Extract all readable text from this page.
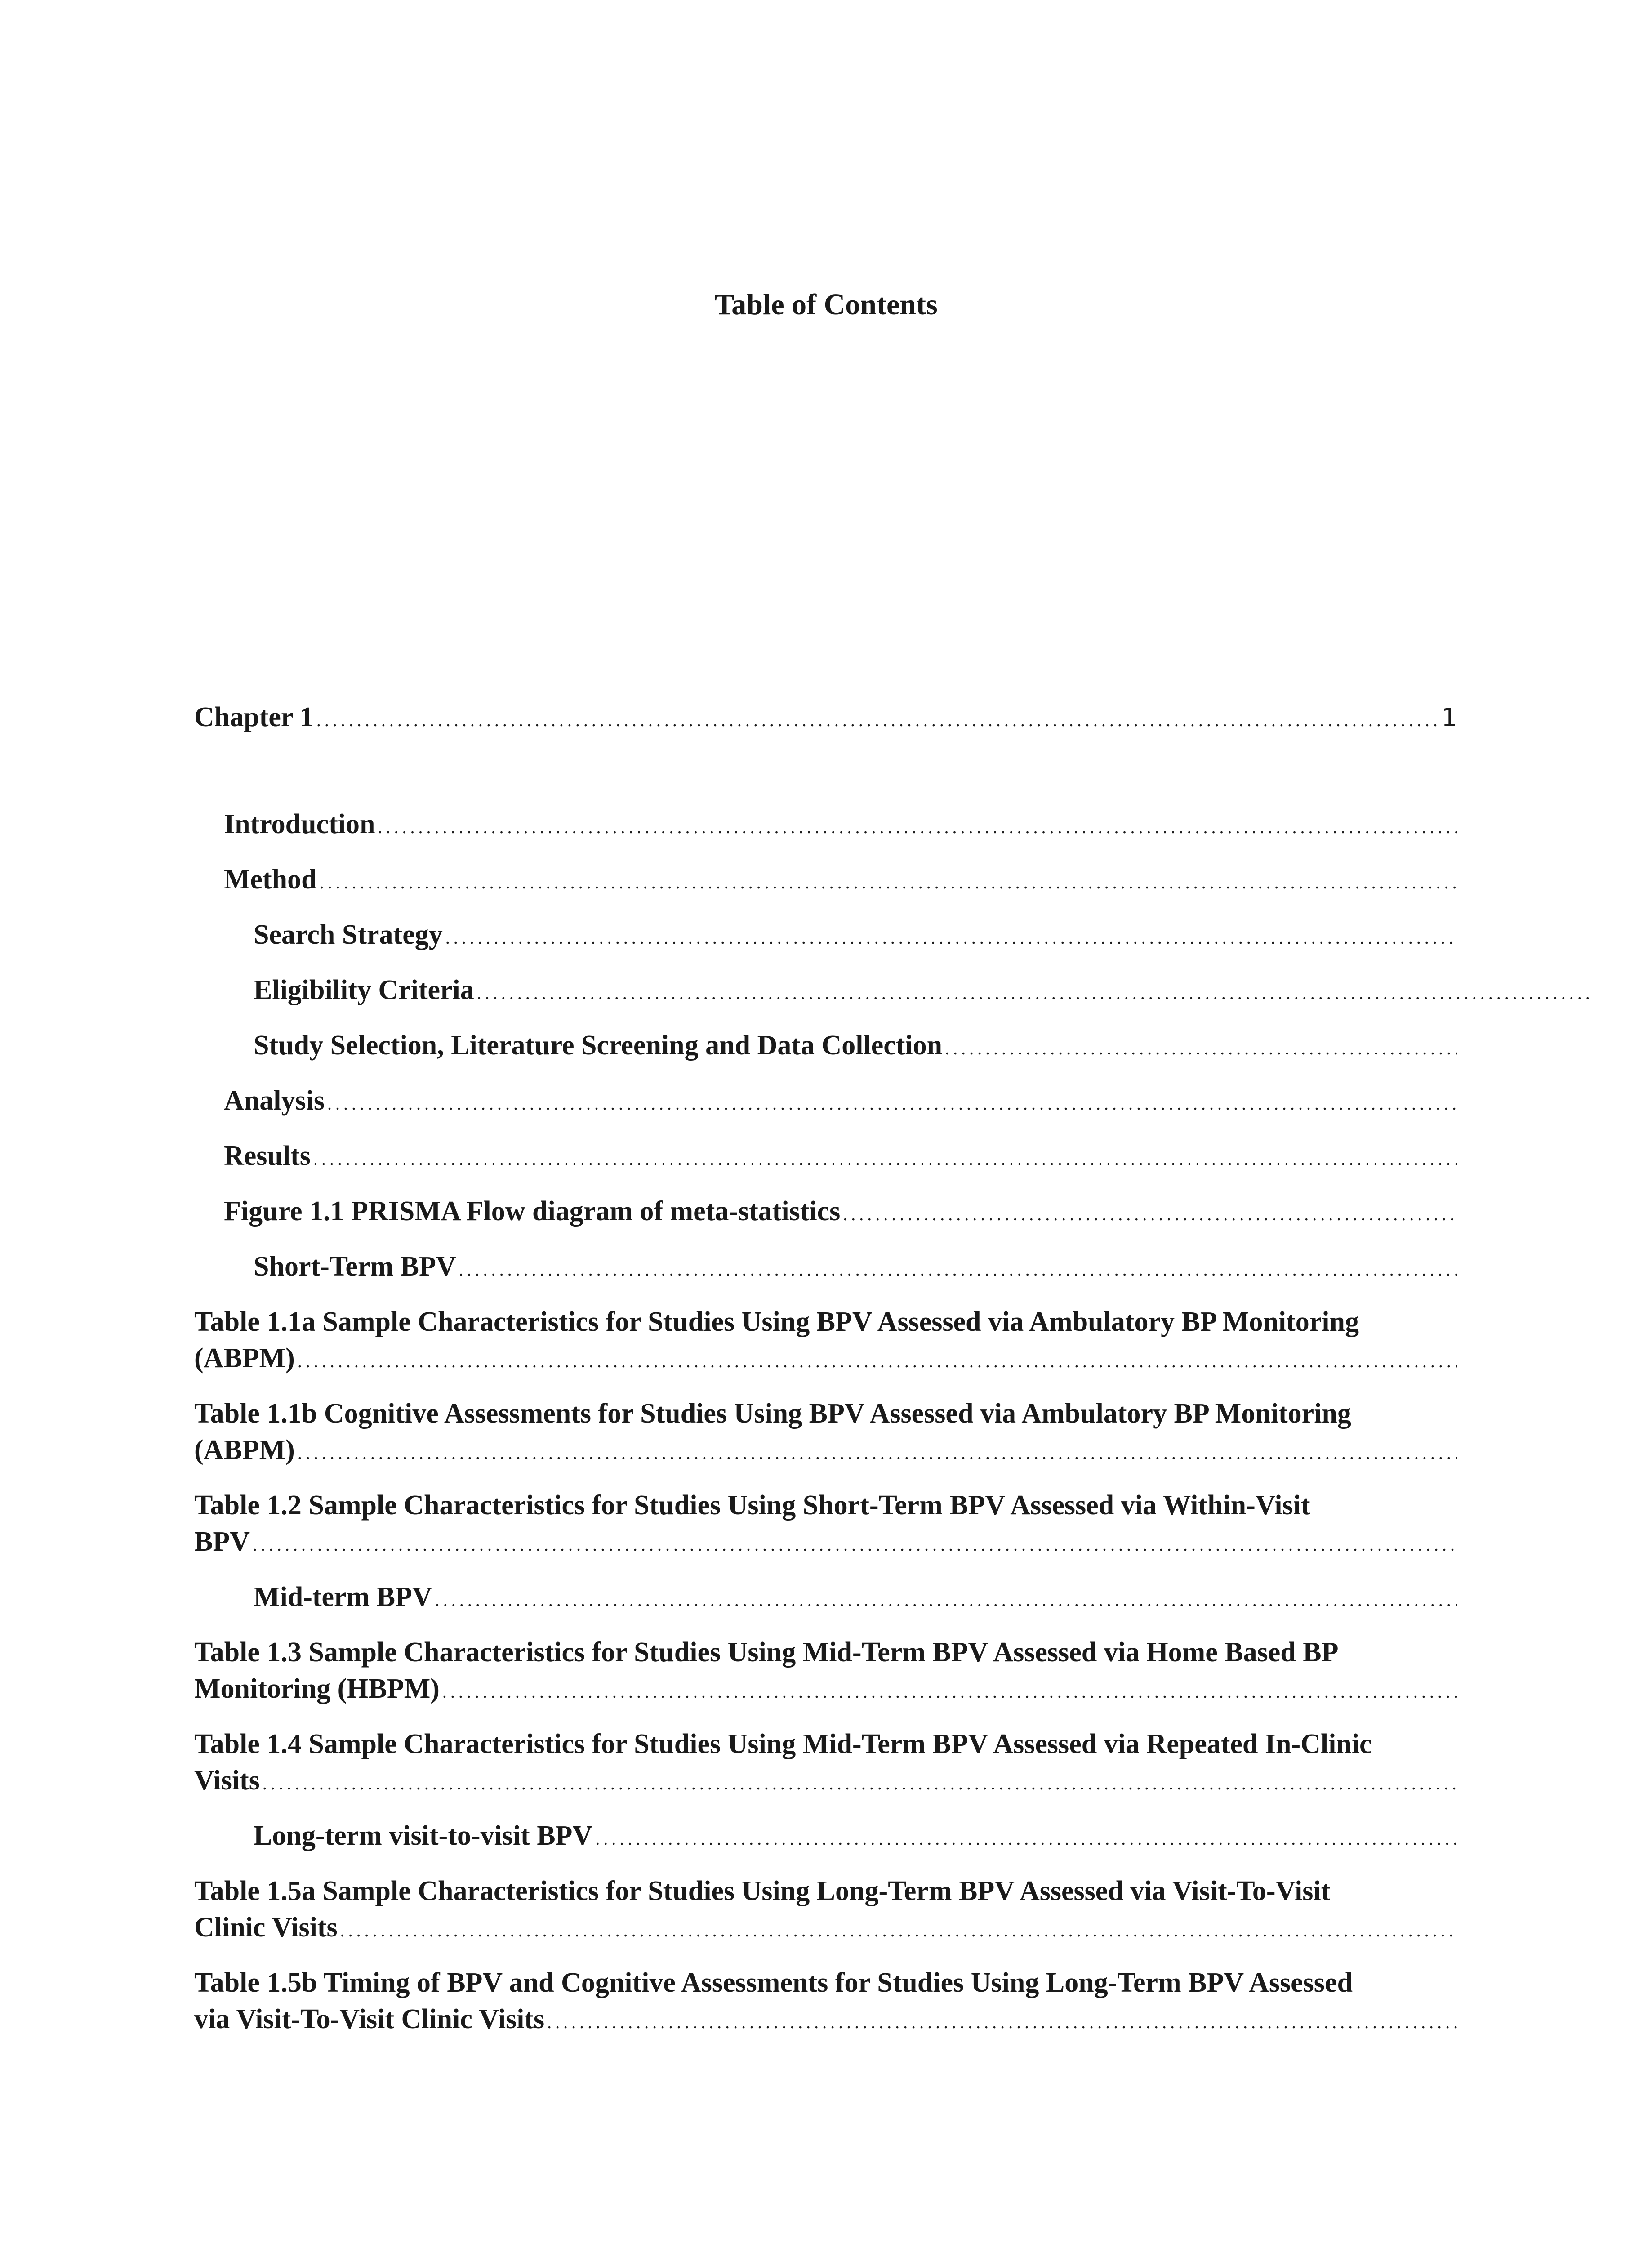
Table of Contents
Chapter 1
. . .	1
Introduction
. . .
Method
. . .
Search Strategy
. . .
Eligibility Criteria
. . .
Study Selection, Literature Screening and Data Collection
. . .
Analysis
. . .
Results
. . .
Figure 1.1 PRISMA Flow diagram of meta-statistics
. . .
Short-Term BPV
. . .
Table 1.1a Sample Characteristics for Studies Using BPV Assessed via Ambulatory BP Monitoring
(ABPM)
. . .
Table 1.1b Cognitive Assessments for Studies Using BPV Assessed via Ambulatory BP Monitoring
(ABPM)
. . .
Table 1.2 Sample Characteristics for Studies Using Short-Term BPV Assessed via Within-Visit
BPV
. . .
Mid-term BPV
. . .
Table 1.3 Sample Characteristics for Studies Using Mid-Term BPV Assessed via Home Based BP
Monitoring (HBPM)
. . .
Table 1.4 Sample Characteristics for Studies Using Mid-Term BPV Assessed via Repeated In-Clinic
Visits
. . .
Long-term visit-to-visit BPV
. . .
Table 1.5a Sample Characteristics for Studies Using Long-Term BPV Assessed via Visit-To-Visit
Clinic Visits
. . .
Table 1.5b Timing of BPV and Cognitive Assessments for Studies Using Long-Term BPV Assessed
via Visit-To-Visit Clinic Visits
. . .
